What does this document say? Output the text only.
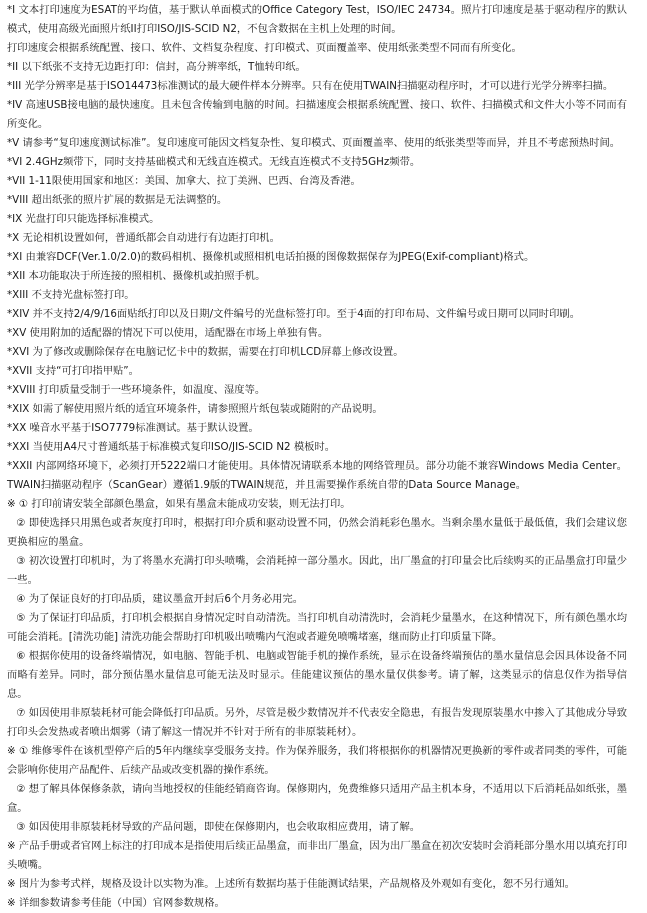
*I 文本打印速度为ESAT的平均值，基于默认单面模式的Office Category Test，ISO/IEC 24734。照片打印速度是基于驱动程序的默认模式，使用高级光面照片纸II打印ISO/JIS-SCID N2，不包含数据在主机上处理的时间。

打印速度会根据系统配置、接口、软件、文档复杂程度、打印模式、页面覆盖率、使用纸张类型不同而有所变化。

*II 以下纸张不支持无边距打印：信封，高分辨率纸，T恤转印纸。

*III 光学分辨率是基于ISO14473标准测试的最大硬件样本分辨率。只有在使用TWAIN扫描驱动程序时，才可以进行光学分辨率扫描。

*IV 高速USB接电脑的最快速度。且未包含传输到电脑的时间。扫描速度会根据系统配置、接口、软件、扫描模式和文件大小等不同而有所变化。

*V 请参考“复印速度测试标准”。复印速度可能因文档复杂性、复印模式、页面覆盖率、使用的纸张类型等而异，并且不考虑预热时间。

*VI 2.4GHz频带下，同时支持基础模式和无线直连模式。无线直连模式不支持5GHz频带。

*VII 1-11限使用国家和地区：美国、加拿大、拉丁美洲、巴西、台湾及香港。

*VIII 超出纸张的照片扩展的数据是无法调整的。

*IX 光盘打印只能选择标准模式。

*X 无论相机设置如何，普通纸都会自动进行有边距打印机。

*XI 由兼容DCF(Ver.1.0/2.0)的数码相机、摄像机或照相机电话拍摄的图像数据保存为JPEG(Exif-compliant)格式。

*XII 本功能取决于所连接的照相机、摄像机或拍照手机。

*XIII 不支持光盘标签打印。

*XIV 并不支持2/4/9/16面贴纸打印以及日期/文件编号的光盘标签打印。至于4面的打印布局、文件编号或日期可以同时印刷。

*XV 使用附加的适配器的情况下可以使用，适配器在市场上单独有售。

*XVI 为了修改或删除保存在电脑记忆卡中的数据，需要在打印机LCD屏幕上修改设置。

*XVII 支持“可打印指甲贴”。

*XVIII 打印质量受制于一些环境条件，如温度、湿度等。

*XIX 如需了解使用照片纸的适宜环境条件，请参照照片纸包装或随附的产品说明。

*XX 噪音水平基于ISO7779标准测试。基于默认设置。

*XXI 当使用A4尺寸普通纸基于标准模式复印ISO/JIS-SCID N2 模板时。

*XXII 内部网络环境下，必须打开5222端口才能使用。具体情况请联系本地的网络管理员。部分功能不兼容Windows Media Center。TWAIN扫描驱动程序（ScanGear）遵循1.9版的TWAIN规范，并且需要操作系统自带的Data Source Manage。

※ ① 打印前请安装全部颜色墨盒，如果有墨盒未能成功安装，则无法打印。

② 即使选择只用黑色或者灰度打印时，根据打印介质和驱动设置不同，仍然会消耗彩色墨水。当剩余墨水量低于最低值，我们会建议您更换相应的墨盒。

③ 初次设置打印机时，为了将墨水充满打印头喷嘴，会消耗掉一部分墨水。因此，出厂墨盒的打印量会比后续购买的正品墨盒打印量少一些。

④ 为了保证良好的打印品质，建议墨盒开封后6个月务必用完。

⑤ 为了保证打印品质，打印机会根据自身情况定时自动清洗。当打印机自动清洗时，会消耗少量墨水，在这种情况下，所有颜色墨水均可能会消耗。[清洗功能] 清洗功能会帮助打印机吸出喷嘴内气泡或者避免喷嘴堵塞，继而防止打印质量下降。

⑥ 根据你使用的设备终端情况，如电脑、智能手机、电脑或智能手机的操作系统，显示在设备终端预估的墨水量信息会因具体设备不同而略有差异。同时，部分预估墨水量信息可能无法及时显示。佳能建议预估的墨水量仅供参考。请了解，这类显示的信息仅作为指导信息。

⑦ 如因使用非原装耗材可能会降低打印品质。另外，尽管是极少数情况并不代表安全隐患，有报告发现原装墨水中掺入了其他成分导致打印头会发热或者喷出烟雾（请了解这一情况并不针对于所有的非原装耗材）。

※ ① 维修零件在该机型停产后的5年内继续享受服务支持。作为保养服务，我们将根据你的机器情况更换新的零件或者同类的零件，可能会影响你使用产品配件、后续产品或改变机器的操作系统。

② 想了解具体保修条款，请向当地授权的佳能经销商咨询。保修期内，免费维修只适用产品主机本身，不适用以下后消耗品如纸张，墨盒。

③ 如因使用非原装耗材导致的产品问题，即使在保修期内，也会收取相应费用，请了解。

※ 产品手册或者官网上标注的打印成本是指使用后续正品墨盒，而非出厂墨盒，因为出厂墨盒在初次安装时会消耗部分墨水用以填充打印头喷嘴。

※ 图片为参考式样，规格及设计以实物为准。上述所有数据均基于佳能测试结果，产品规格及外观如有变化，恕不另行通知。

※ 详细参数请参考佳能（中国）官网参数规格。
